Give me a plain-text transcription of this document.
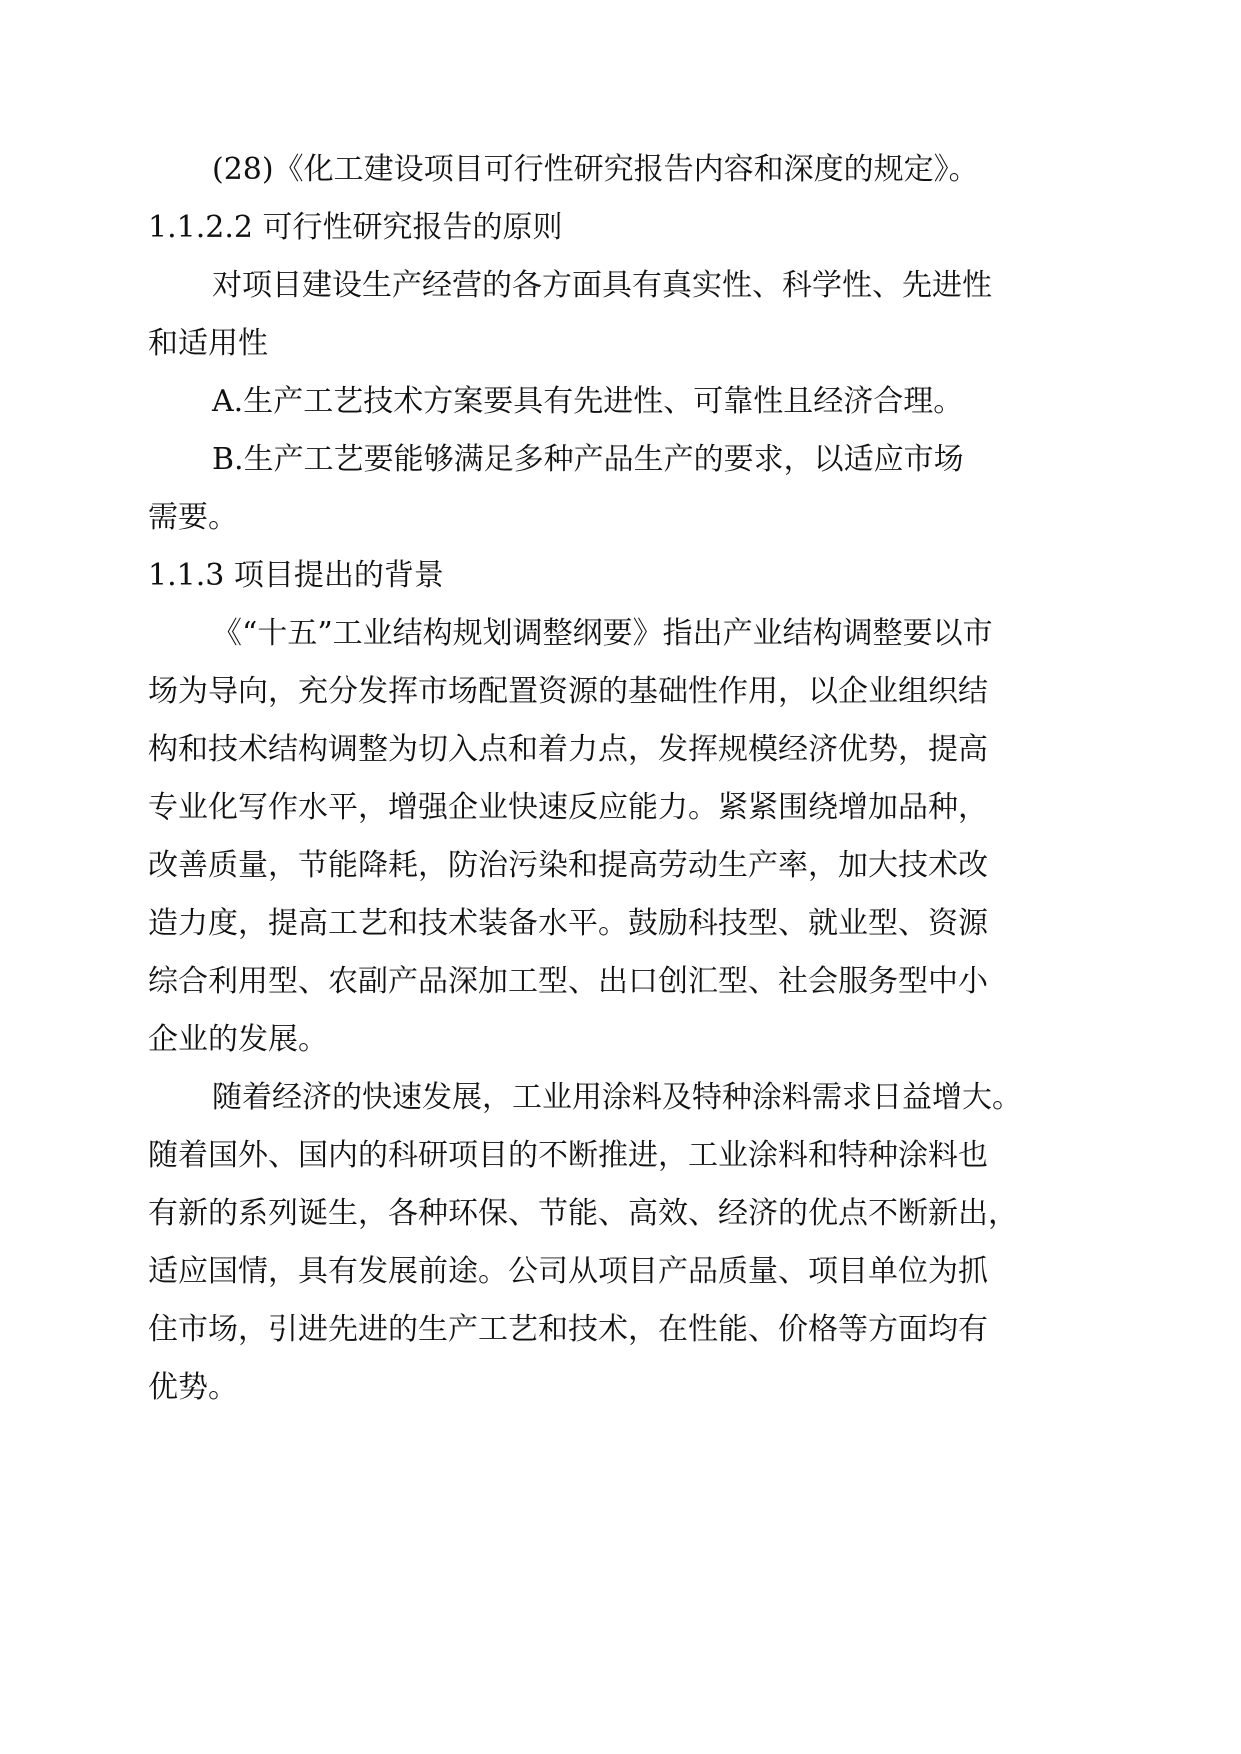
(28)《化工建设项目可行性研究报告内容和深度的规定》。
1.1.2.2 可行性研究报告的原则
对项目建设生产经营的各方面具有真实性、科学性、先进性
和适用性
A.生产工艺技术方案要具有先进性、可靠性且经济合理。
B.生产工艺要能够满足多种产品生产的要求，以适应市场
需要。
1.1.3 项目提出的背景
《“十五”工业结构规划调整纲要》指出产业结构调整要以市
场为导向，充分发挥市场配置资源的基础性作用，以企业组织结
构和技术结构调整为切入点和着力点，发挥规模经济优势，提高
专业化写作水平，增强企业快速反应能力。紧紧围绕增加品种，
改善质量，节能降耗，防治污染和提高劳动生产率，加大技术改
造力度，提高工艺和技术装备水平。鼓励科技型、就业型、资源
综合利用型、农副产品深加工型、出口创汇型、社会服务型中小
企业的发展。
随着经济的快速发展，工业用涂料及特种涂料需求日益增大。
随着国外、国内的科研项目的不断推进，工业涂料和特种涂料也
有新的系列诞生，各种环保、节能、高效、经济的优点不断新出，
适应国情，具有发展前途。公司从项目产品质量、项目单位为抓
住市场，引进先进的生产工艺和技术，在性能、价格等方面均有
优势。
